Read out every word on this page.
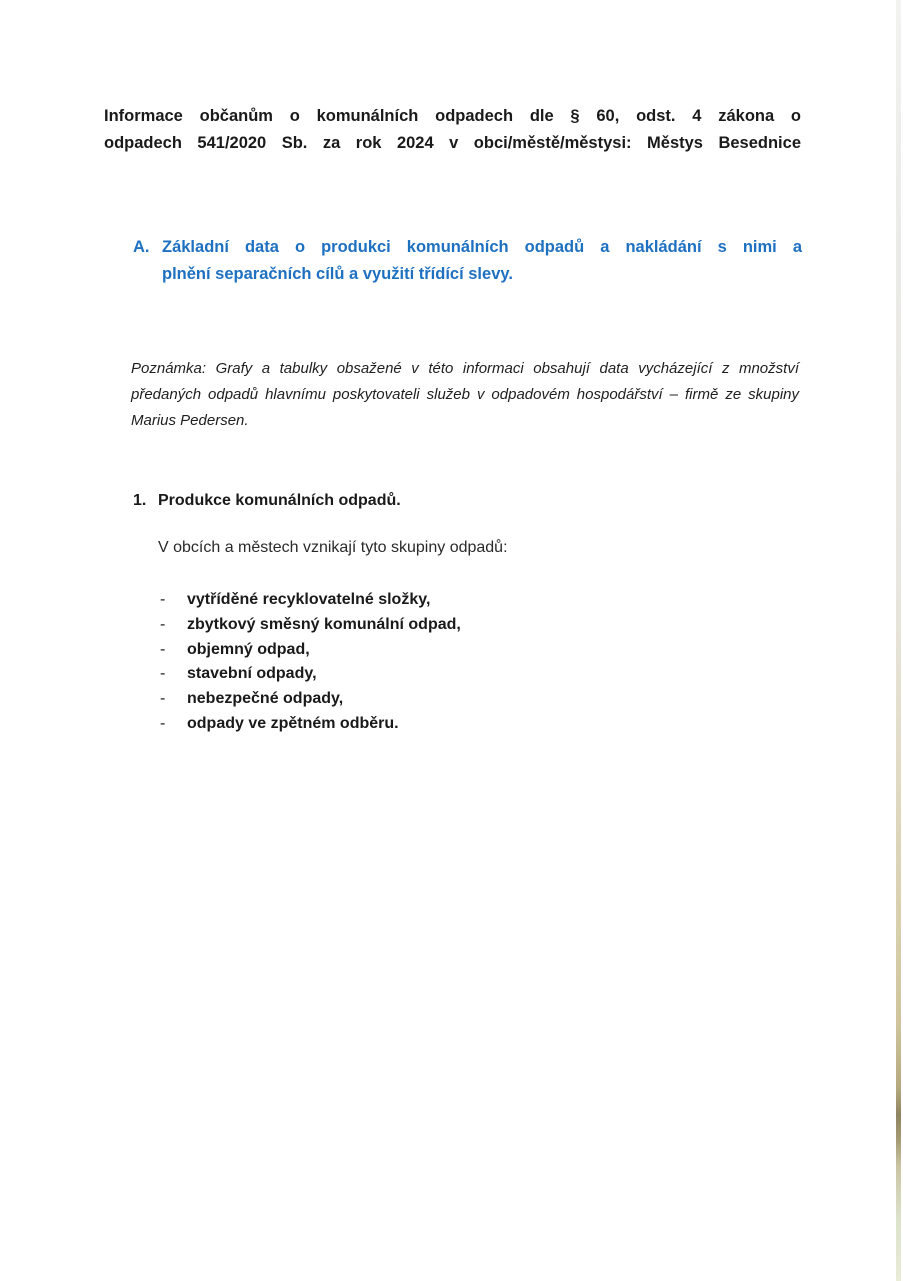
Informace občanům o komunálních odpadech dle § 60, odst. 4 zákona o
odpadech 541/2020 Sb. za rok 2024 v obci/městě/městysi: Městys Besednice
A. Základní data o produkci komunálních odpadů a nakládání s nimi a
plnění separačních cílů a využití třídící slevy.
Poznámka: Grafy a tabulky obsažené v této informaci obsahují data vycházející z množství
předaných odpadů hlavnímu poskytovateli služeb v odpadovém hospodářství – firmě ze skupiny
Marius Pedersen.
1. Produkce komunálních odpadů.
V obcích a městech vznikají tyto skupiny odpadů:
-	vytříděné recyklovatelné složky,
-	zbytkový směsný komunální odpad,
-	objemný odpad,
-	stavební odpady,
-	nebezpečné odpady,
-	odpady ve zpětném odběru.
